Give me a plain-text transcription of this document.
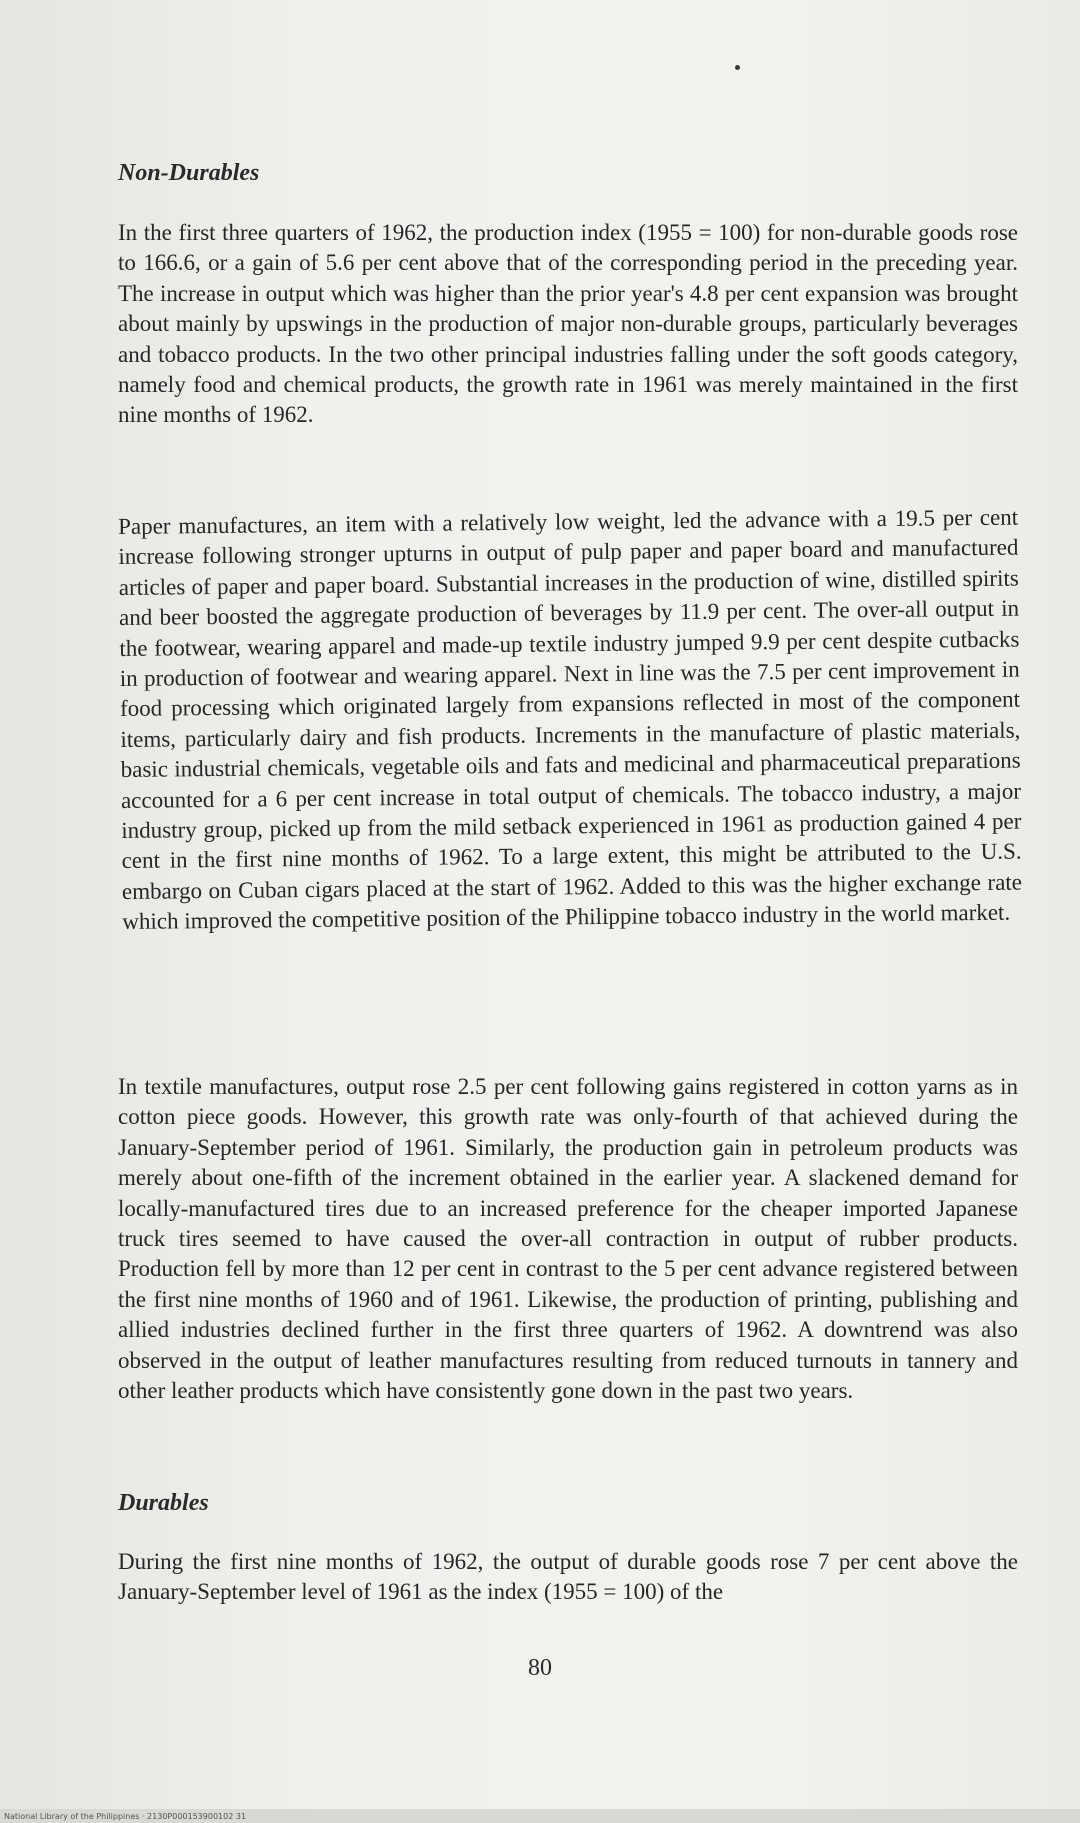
Non-Durables

In the first three quarters of 1962, the production index (1955 = 100) for non-durable goods rose to 166.6, or a gain of 5.6 per cent above that of the corresponding period in the preceding year. The increase in output which was higher than the prior year's 4.8 per cent expansion was brought about mainly by upswings in the production of major non-durable groups, particularly beverages and tobacco products. In the two other principal industries falling under the soft goods category, namely food and chemical products, the growth rate in 1961 was merely maintained in the first nine months of 1962.

Paper manufactures, an item with a relatively low weight, led the advance with a 19.5 per cent increase following stronger upturns in output of pulp paper and paper board and manufactured articles of paper and paper board. Substantial increases in the production of wine, distilled spirits and beer boosted the aggregate production of beverages by 11.9 per cent. The over-all output in the footwear, wearing apparel and made-up textile industry jumped 9.9 per cent despite cutbacks in production of footwear and wearing apparel. Next in line was the 7.5 per cent improvement in food processing which originated largely from expansions reflected in most of the component items, particularly dairy and fish products. Increments in the manufacture of plastic materials, basic industrial chemicals, vegetable oils and fats and medicinal and pharmaceutical preparations accounted for a 6 per cent increase in total output of chemicals. The tobacco industry, a major industry group, picked up from the mild setback experienced in 1961 as production gained 4 per cent in the first nine months of 1962. To a large extent, this might be attributed to the U.S. embargo on Cuban cigars placed at the start of 1962. Added to this was the higher exchange rate which improved the competitive position of the Philippine tobacco industry in the world market.

In textile manufactures, output rose 2.5 per cent following gains registered in cotton yarns as in cotton piece goods. However, this growth rate was only-fourth of that achieved during the January-September period of 1961. Similarly, the production gain in petroleum products was merely about one-fifth of the increment obtained in the earlier year. A slackened demand for locally-manufactured tires due to an increased preference for the cheaper imported Japanese truck tires seemed to have caused the over-all contraction in output of rubber products. Production fell by more than 12 per cent in contrast to the 5 per cent advance registered between the first nine months of 1960 and of 1961. Likewise, the production of printing, publishing and allied industries declined further in the first three quarters of 1962. A downtrend was also observed in the output of leather manufactures resulting from reduced turnouts in tannery and other leather products which have consistently gone down in the past two years.

Durables

During the first nine months of 1962, the output of durable goods rose 7 per cent above the January-September level of 1961 as the index (1955 = 100) of the

80
National Library of the Philippines · 2130P000153900102 31
